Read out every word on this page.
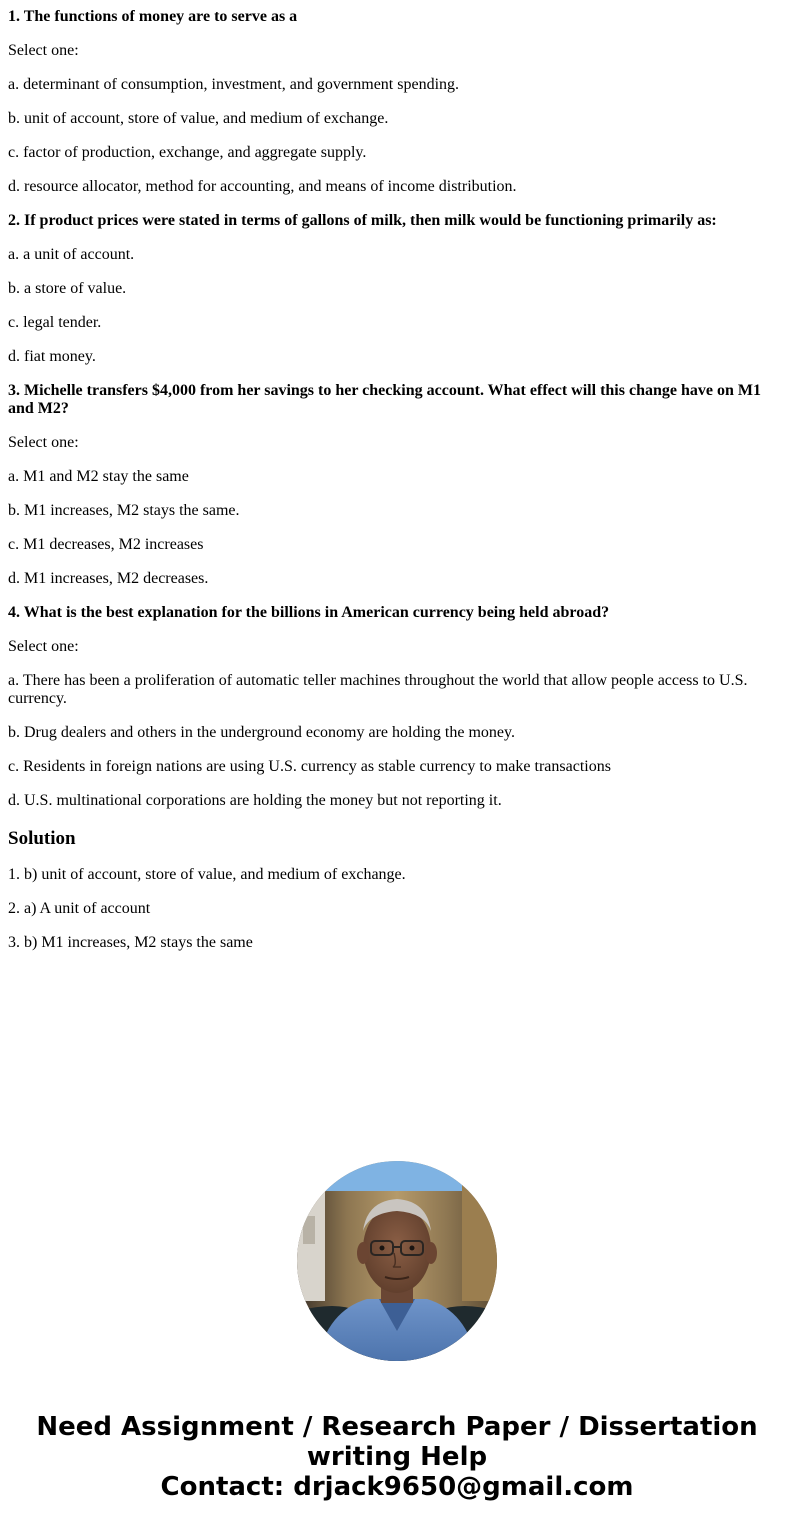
1. The functions of money are to serve as a

Select one:

a. determinant of consumption, investment, and government spending.

b. unit of account, store of value, and medium of exchange.

c. factor of production, exchange, and aggregate supply.

d. resource allocator, method for accounting, and means of income distribution.

2. If product prices were stated in terms of gallons of milk, then milk would be functioning primarily as:

a. a unit of account.

b. a store of value.

c. legal tender.

d. fiat money.

3. Michelle transfers $4,000 from her savings to her checking account. What effect will this change have on M1 and M2?

Select one:

a. M1 and M2 stay the same

b. M1 increases, M2 stays the same.

c. M1 decreases, M2 increases

d. M1 increases, M2 decreases.

4. What is the best explanation for the billions in American currency being held abroad?

Select one:

a. There has been a proliferation of automatic teller machines throughout the world that allow people access to U.S. currency.

b. Drug dealers and others in the underground economy are holding the money.

c. Residents in foreign nations are using U.S. currency as stable currency to make transactions

d. U.S. multinational corporations are holding the money but not reporting it.

Solution

1. b) unit of account, store of value, and medium of exchange.

2. a) A unit of account

3. b) M1 increases, M2 stays the same

Need Assignment / Research Paper / Dissertation
writing Help
Contact: drjack9650@gmail.com
